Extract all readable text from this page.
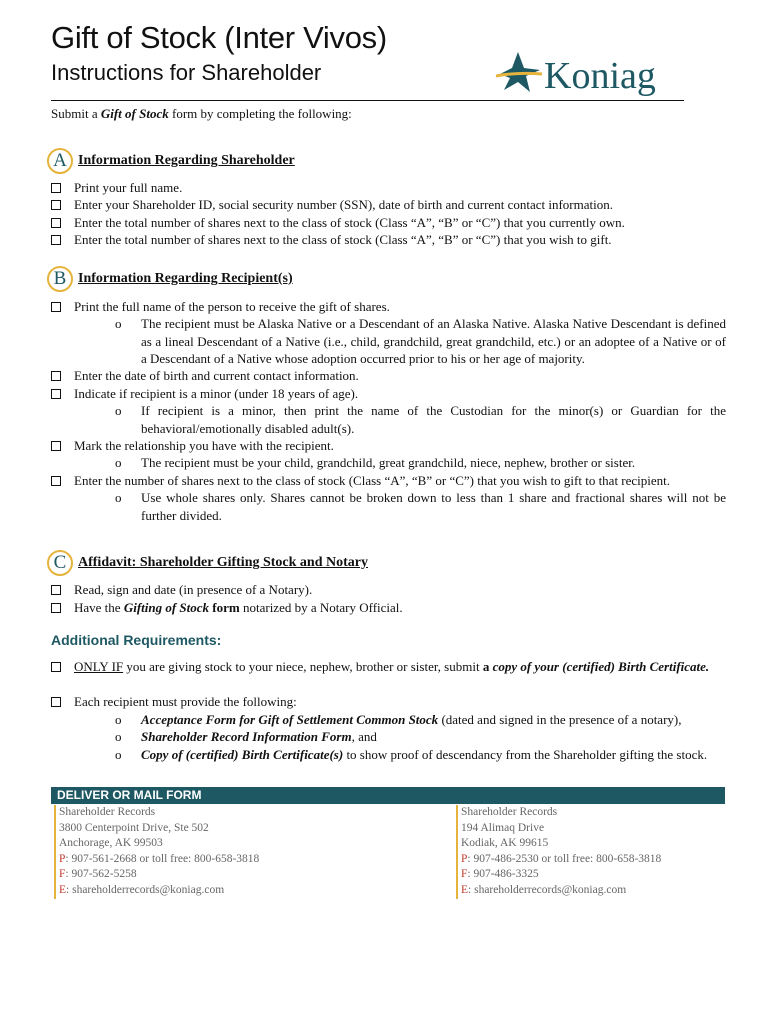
Gift of Stock (Inter Vivos)
Instructions for Shareholder	Koniag
Submit a Gift of Stock form by completing the following:
A Information Regarding Shareholder
Print your full name.
Enter your Shareholder ID, social security number (SSN), date of birth and current contact information.
Enter the total number of shares next to the class of stock (Class “A”, “B” or “C”) that you currently own.
Enter the total number of shares next to the class of stock (Class “A”, “B” or “C”) that you wish to gift.
B Information Regarding Recipient(s)
Print the full name of the person to receive the gift of shares.
o The recipient must be Alaska Native or a Descendant of an Alaska Native. Alaska Native Descendant is defined as a lineal Descendant of a Native (i.e., child, grandchild, great grandchild, etc.) or an adoptee of a Native or of a Descendant of a Native whose adoption occurred prior to his or her age of majority.
Enter the date of birth and current contact information.
Indicate if recipient is a minor (under 18 years of age).
o If recipient is a minor, then print the name of the Custodian for the minor(s) or Guardian for the behavioral/emotionally disabled adult(s).
Mark the relationship you have with the recipient.
o The recipient must be your child, grandchild, great grandchild, niece, nephew, brother or sister.
Enter the number of shares next to the class of stock (Class “A”, “B” or “C”) that you wish to gift to that recipient.
o Use whole shares only. Shares cannot be broken down to less than 1 share and fractional shares will not be further divided.
C Affidavit: Shareholder Gifting Stock and Notary
Read, sign and date (in presence of a Notary).
Have the Gifting of Stock form notarized by a Notary Official.
Additional Requirements:
ONLY IF you are giving stock to your niece, nephew, brother or sister, submit a copy of your (certified) Birth Certificate.
Each recipient must provide the following:
o Acceptance Form for Gift of Settlement Common Stock (dated and signed in the presence of a notary),
o Shareholder Record Information Form, and
o Copy of (certified) Birth Certificate(s) to show proof of descendancy from the Shareholder gifting the stock.
DELIVER OR MAIL FORM
Shareholder Records
3800 Centerpoint Drive, Ste 502
Anchorage, AK 99503
P: 907-561-2668 or toll free: 800-658-3818
F: 907-562-5258
E: shareholderrecords@koniag.com
Shareholder Records
194 Alimaq Drive
Kodiak, AK 99615
P: 907-486-2530 or toll free: 800-658-3818
F: 907-486-3325
E: shareholderrecords@koniag.com
